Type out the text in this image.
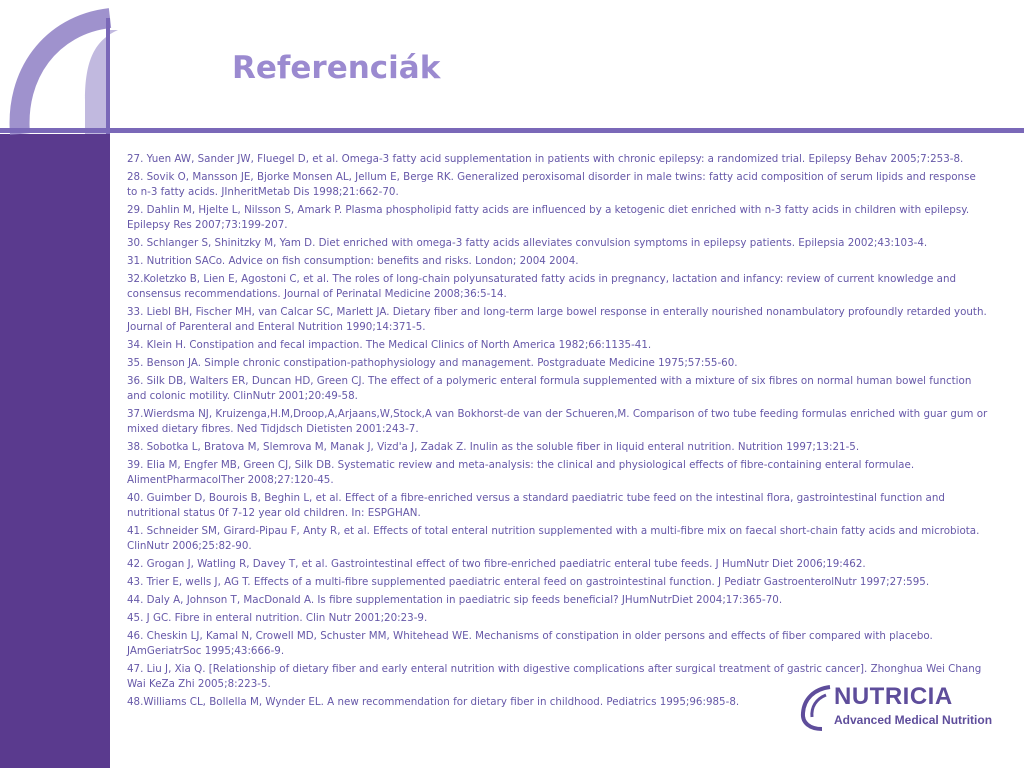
Referenciák
27. Yuen AW, Sander JW, Fluegel D, et al. Omega-3 fatty acid supplementation in patients with chronic epilepsy: a randomized trial. Epilepsy Behav 2005;7:253-8.
28. Sovik O, Mansson JE, Bjorke Monsen AL, Jellum E, Berge RK. Generalized peroxisomal disorder in male twins: fatty acid composition of serum lipids and response to n-3 fatty acids. JInheritMetab Dis 1998;21:662-70.
29. Dahlin M, Hjelte L, Nilsson S, Amark P. Plasma phospholipid fatty acids are influenced by a ketogenic diet enriched with n-3 fatty acids in children with epilepsy. Epilepsy Res 2007;73:199-207.
30. Schlanger S, Shinitzky M, Yam D. Diet enriched with omega-3 fatty acids alleviates convulsion symptoms in epilepsy patients. Epilepsia 2002;43:103-4.
31. Nutrition SACo. Advice on fish consumption: benefits and risks. London; 2004 2004.
32.Koletzko B, Lien E, Agostoni C, et al. The roles of long-chain polyunsaturated fatty acids in pregnancy, lactation and infancy: review of current knowledge and consensus recommendations. Journal of Perinatal Medicine 2008;36:5-14.
33. Liebl BH, Fischer MH, van Calcar SC, Marlett JA. Dietary fiber and long-term large bowel response in enterally nourished nonambulatory profoundly retarded youth. Journal of Parenteral and Enteral Nutrition 1990;14:371-5.
34. Klein H. Constipation and fecal impaction. The Medical Clinics of North America 1982;66:1135-41.
35. Benson JA. Simple chronic constipation-pathophysiology and management. Postgraduate Medicine 1975;57:55-60.
36. Silk DB, Walters ER, Duncan HD, Green CJ. The effect of a polymeric enteral formula supplemented with a mixture of six fibres on normal human bowel function and colonic motility. ClinNutr 2001;20:49-58.
37.Wierdsma NJ, Kruizenga,H.M,Droop,A,Arjaans,W,Stock,A van Bokhorst-de van der Schueren,M. Comparison of two tube feeding formulas enriched with guar gum or mixed dietary fibres. Ned Tidjdsch Dietisten 2001:243-7.
38. Sobotka L, Bratova M, Slemrova M, Manak J, Vizd'a J, Zadak Z. Inulin as the soluble fiber in liquid enteral nutrition. Nutrition 1997;13:21-5.
39. Elia M, Engfer MB, Green CJ, Silk DB. Systematic review and meta-analysis: the clinical and physiological effects of fibre-containing enteral formulae. AlimentPharmacolTher 2008;27:120-45.
40. Guimber D, Bourois B, Beghin L, et al. Effect of a fibre-enriched versus a standard paediatric tube feed on the intestinal flora, gastrointestinal function and nutritional status 0f 7-12 year old children. In: ESPGHAN.
41. Schneider SM, Girard-Pipau F, Anty R, et al. Effects of total enteral nutrition supplemented with a multi-fibre mix on faecal short-chain fatty acids and microbiota. ClinNutr 2006;25:82-90.
42. Grogan J, Watling R, Davey T, et al. Gastrointestinal effect of two fibre-enriched paediatric enteral tube feeds. J HumNutr Diet 2006;19:462.
43. Trier E, wells J, AG T. Effects of a multi-fibre supplemented paediatric enteral feed on gastrointestinal function. J Pediatr GastroenterolNutr 1997;27:595.
44. Daly A, Johnson T, MacDonald A. Is fibre supplementation in paediatric sip feeds beneficial? JHumNutrDiet 2004;17:365-70.
45. J GC. Fibre in enteral nutrition. Clin Nutr 2001;20:23-9.
46. Cheskin LJ, Kamal N, Crowell MD, Schuster MM, Whitehead WE. Mechanisms of constipation in older persons and effects of fiber compared with placebo. JAmGeriatrSoc 1995;43:666-9.
47. Liu J, Xia Q. [Relationship of dietary fiber and early enteral nutrition with digestive complications after surgical treatment of gastric cancer]. Zhonghua Wei Chang Wai KeZa Zhi 2005;8:223-5.
48.Williams CL, Bollella M, Wynder EL. A new recommendation for dietary fiber in childhood. Pediatrics 1995;96:985-8.	NUTRICIA
Advanced Medical Nutrition
